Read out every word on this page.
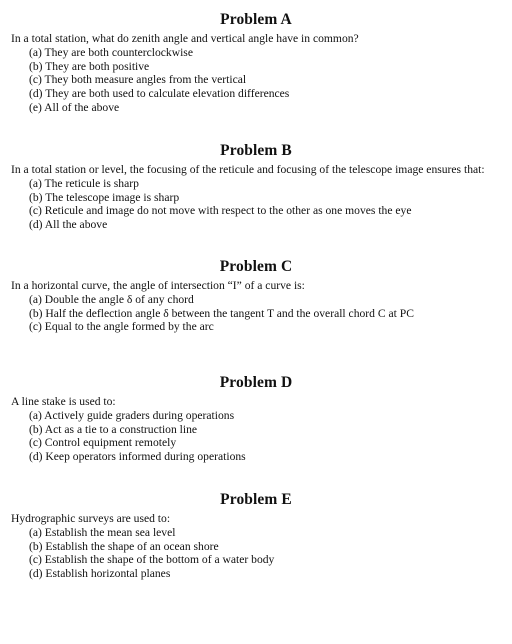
Problem A
In a total station, what do zenith angle and vertical angle have in common?
(a) They are both counterclockwise
(b) They are both positive
(c) They both measure angles from the vertical
(d) They are both used to calculate elevation differences
(e) All of the above
Problem B
In a total station or level, the focusing of the reticule and focusing of the telescope image ensures that:
(a) The reticule is sharp
(b) The telescope image is sharp
(c) Reticule and image do not move with respect to the other as one moves the eye
(d) All the above
Problem C
In a horizontal curve, the angle of intersection “I” of a curve is:
(a) Double the angle δ of any chord
(b) Half the deflection angle δ between the tangent T and the overall chord C at PC
(c) Equal to the angle formed by the arc
Problem D
A line stake is used to:
(a) Actively guide graders during operations
(b) Act as a tie to a construction line
(c) Control equipment remotely
(d) Keep operators informed during operations
Problem E
Hydrographic surveys are used to:
(a) Establish the mean sea level
(b) Establish the shape of an ocean shore
(c) Establish the shape of the bottom of a water body
(d) Establish horizontal planes
